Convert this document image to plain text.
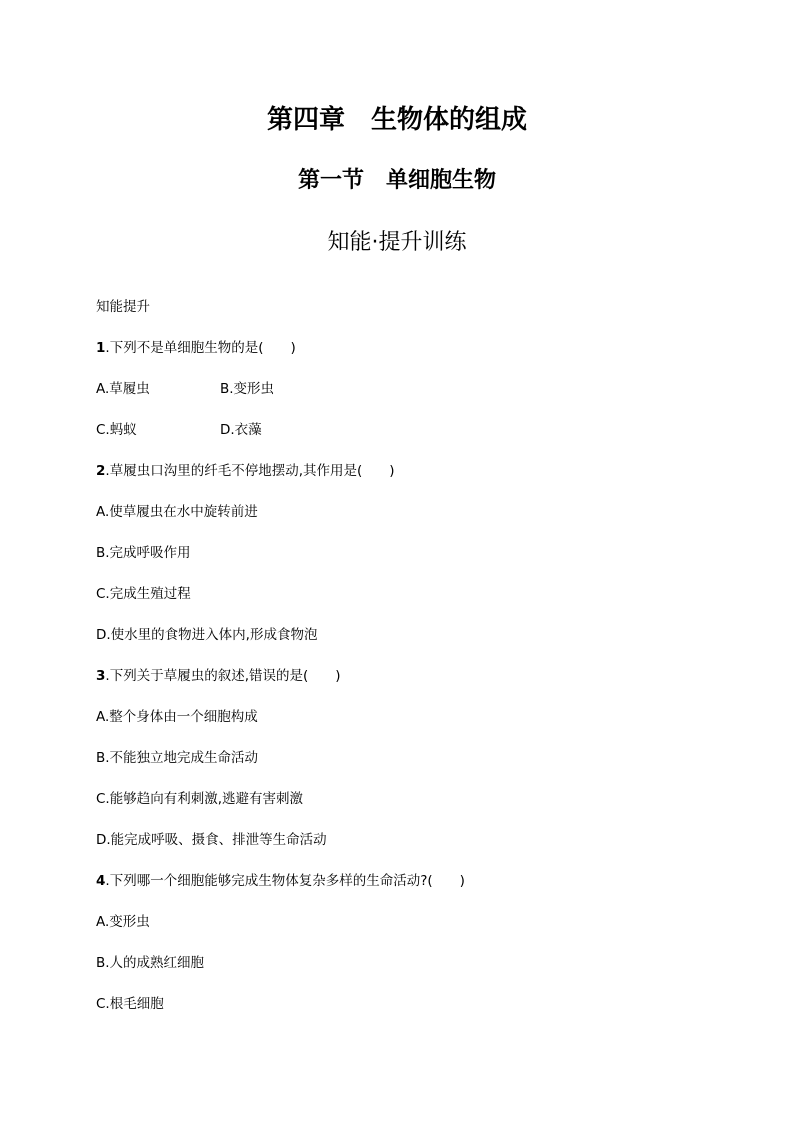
第四章　生物体的组成
第一节　单细胞生物
知能·提升训练
知能提升
1.下列不是单细胞生物的是(　　)
A.草履虫	B.变形虫
C.蚂蚁	D.衣藻
2.草履虫口沟里的纤毛不停地摆动,其作用是(　　)
A.使草履虫在水中旋转前进
B.完成呼吸作用
C.完成生殖过程
D.使水里的食物进入体内,形成食物泡
3.下列关于草履虫的叙述,错误的是(　　)
A.整个身体由一个细胞构成
B.不能独立地完成生命活动
C.能够趋向有利刺激,逃避有害刺激
D.能完成呼吸、摄食、排泄等生命活动
4.下列哪一个细胞能够完成生物体复杂多样的生命活动?(　　)
A.变形虫
B.人的成熟红细胞
C.根毛细胞
